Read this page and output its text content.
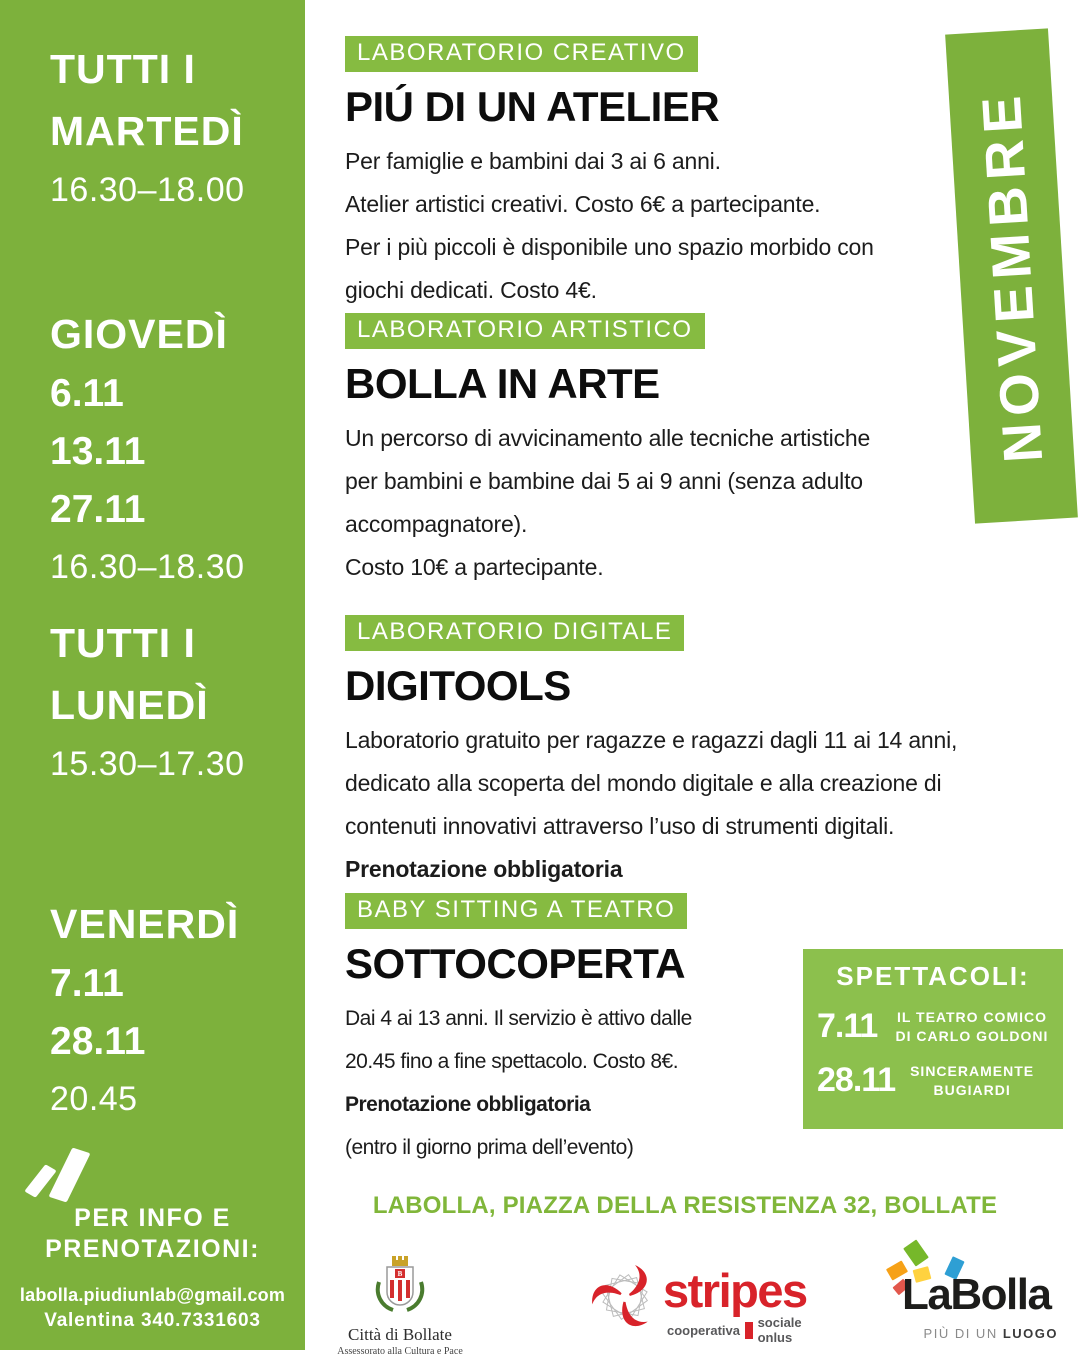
TUTTI I
MARTEDÌ
16.30–18.00
GIOVEDÌ
6.11
13.11
27.11
16.30–18.30
TUTTI I
LUNEDÌ
15.30–17.30
VENERDÌ
7.11
28.11
20.45
PER INFO E
PRENOTAZIONI:
labolla.piudiunlab@gmail.com
Valentina 340.7331603
NOVEMBRE
LABORATORIO CREATIVO
PIÚ DI UN ATELIER
Per famiglie e bambini dai 3 ai 6 anni.
Atelier artistici creativi. Costo 6€ a partecipante.
Per i più piccoli è disponibile uno spazio morbido con
giochi dedicati. Costo 4€.
LABORATORIO ARTISTICO
BOLLA IN ARTE
Un percorso di avvicinamento alle tecniche artistiche
per bambini e bambine dai 5 ai 9 anni (senza adulto
accompagnatore).
Costo 10€ a partecipante.
LABORATORIO DIGITALE
DIGITOOLS
Laboratorio gratuito per ragazze e ragazzi dagli 11 ai 14 anni,
dedicato alla scoperta del mondo digitale e alla creazione di
contenuti innovativi attraverso l’uso di strumenti digitali.
Prenotazione obbligatoria
BABY SITTING A TEATRO
SOTTOCOPERTA
Dai 4 ai 13 anni. Il servizio è attivo dalle
20.45 fino a fine spettacolo. Costo 8€.
Prenotazione obbligatoria
(entro il giorno prima dell’evento)
SPETTACOLI:
7.11	IL TEATRO COMICO DI CARLO GOLDONI
28.11	SINCERAMENTE BUGIARDI
LABOLLA, PIAZZA DELLA RESISTENZA 32, BOLLATE
B
Città di Bollate
Assessorato alla Cultura e Pace
stripes
cooperativa sociale onlus
LaBolla
PIÙ DI UN LUOGO
